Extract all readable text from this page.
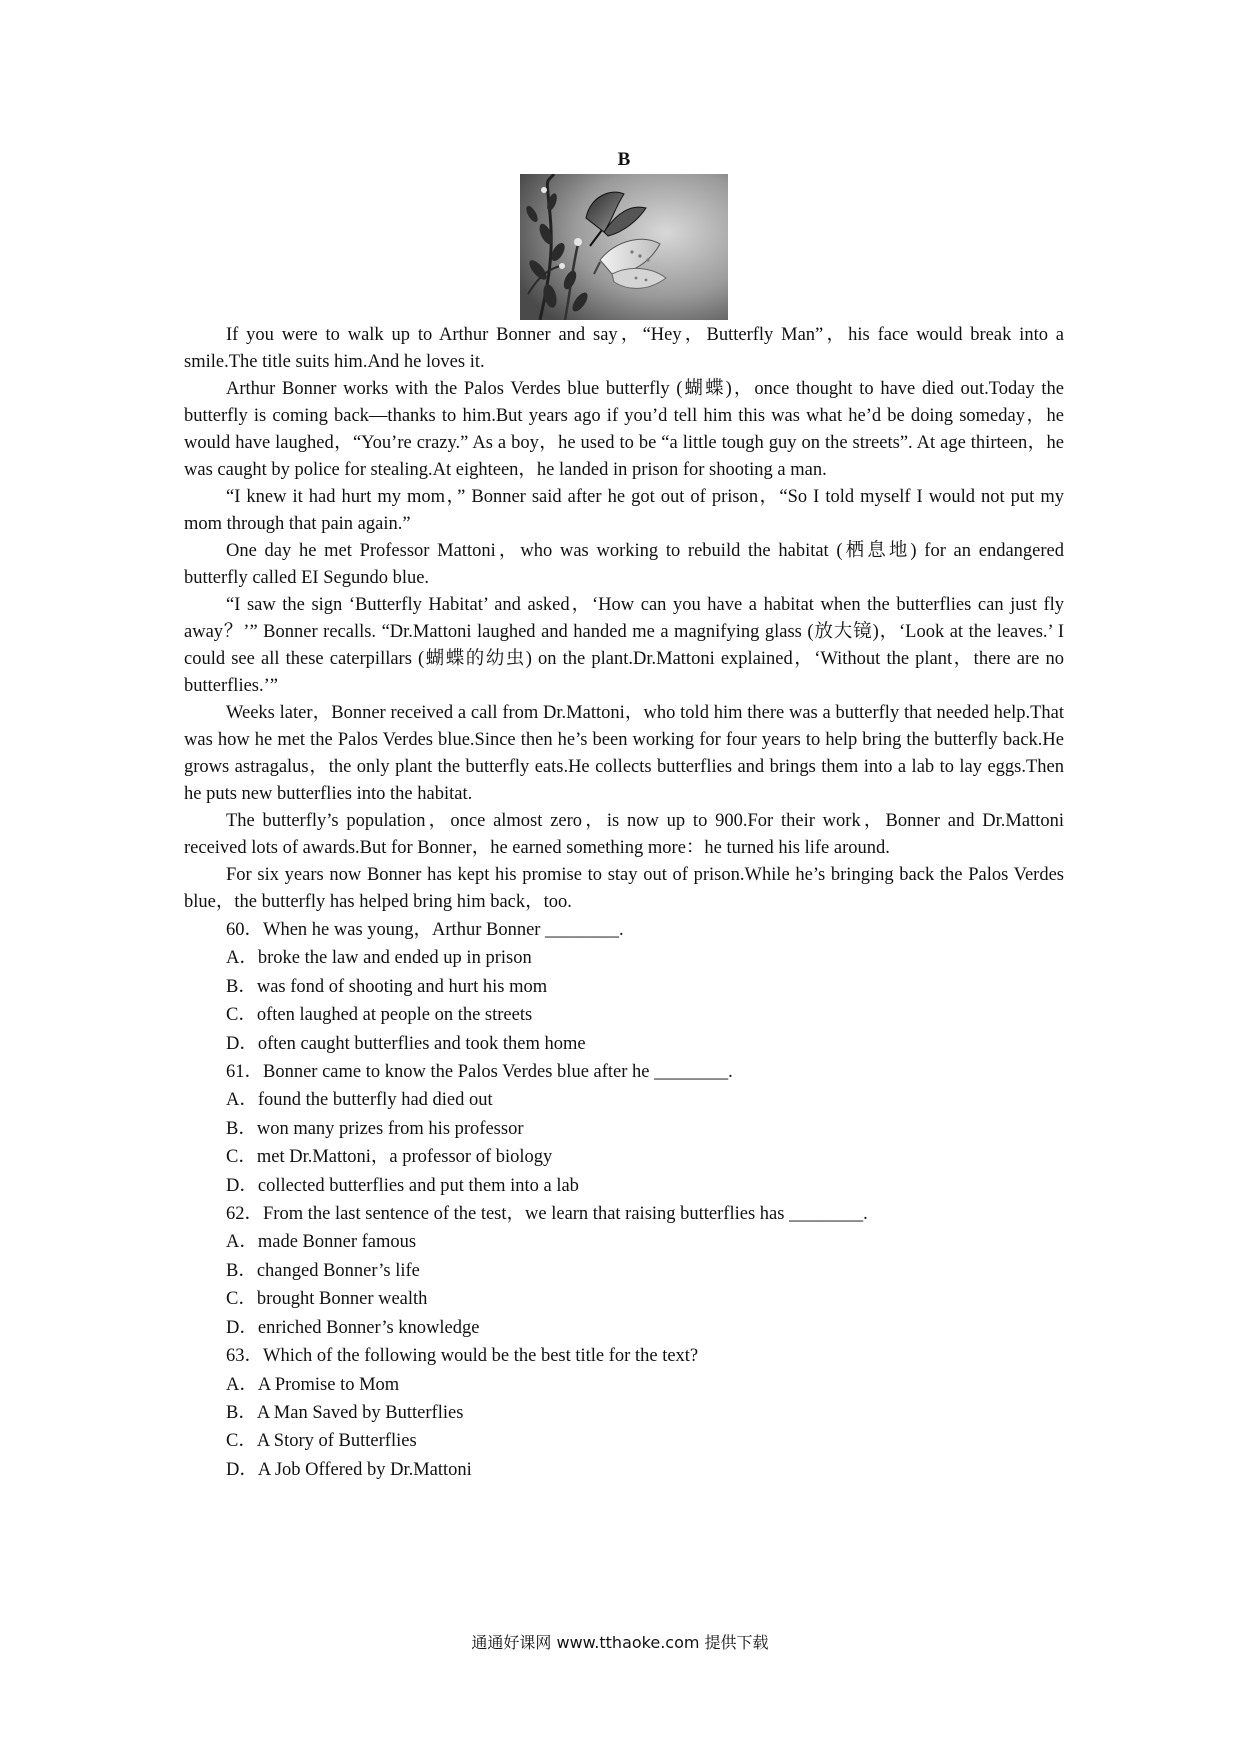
B

If you were to walk up to Arthur Bonner and say，“Hey，Butterfly Man”，his face would break into a smile.The title suits him.And he loves it.

Arthur Bonner works with the Palos Verdes blue butterfly (蝴蝶)，once thought to have died out.Today the butterfly is coming back—thanks to him.But years ago if you’d tell him this was what he’d be doing someday，he would have laughed，“You’re crazy.” As a boy，he used to be “a little tough guy on the streets”. At age thirteen，he was caught by police for stealing.At eighteen，he landed in prison for shooting a man.

“I knew it had hurt my mom，” Bonner said after he got out of prison，“So I told myself I would not put my mom through that pain again.”

One day he met Professor Mattoni，who was working to rebuild the habitat (栖息地) for an endangered butterfly called EI Segundo blue.

“I saw the sign ‘Butterfly Habitat’ and asked，‘How can you have a habitat when the butterflies can just fly away？’” Bonner recalls. “Dr.Mattoni laughed and handed me a magnifying glass (放大镜)，‘Look at the leaves.’ I could see all these caterpillars (蝴蝶的幼虫) on the plant.Dr.Mattoni explained，‘Without the plant，there are no butterflies.’”

Weeks later，Bonner received a call from Dr.Mattoni，who told him there was a butterfly that needed help.That was how he met the Palos Verdes blue.Since then he’s been working for four years to help bring the butterfly back.He grows astragalus，the only plant the butterfly eats.He collects butterflies and brings them into a lab to lay eggs.Then he puts new butterflies into the habitat.

The butterfly’s population，once almost zero，is now up to 900.For their work，Bonner and Dr.Mattoni received lots of awards.But for Bonner，he earned something more：he turned his life around.

For six years now Bonner has kept his promise to stay out of prison.While he’s bringing back the Palos Verdes blue，the butterfly has helped bring him back，too.

60．When he was young，Arthur Bonner ________.

A．broke the law and ended up in prison

B．was fond of shooting and hurt his mom

C．often laughed at people on the streets

D．often caught butterflies and took them home

61．Bonner came to know the Palos Verdes blue after he ________.

A．found the butterfly had died out

B．won many prizes from his professor

C．met Dr.Mattoni，a professor of biology

D．collected butterflies and put them into a lab

62．From the last sentence of the test，we learn that raising butterflies has ________.

A．made Bonner famous

B．changed Bonner’s life

C．brought Bonner wealth

D．enriched Bonner’s knowledge

63．Which of the following would be the best title for the text?

A．A Promise to Mom

B．A Man Saved by Butterflies

C．A Story of Butterflies

D．A Job Offered by Dr.Mattoni

通通好课网 www.tthaoke.com 提供下载
